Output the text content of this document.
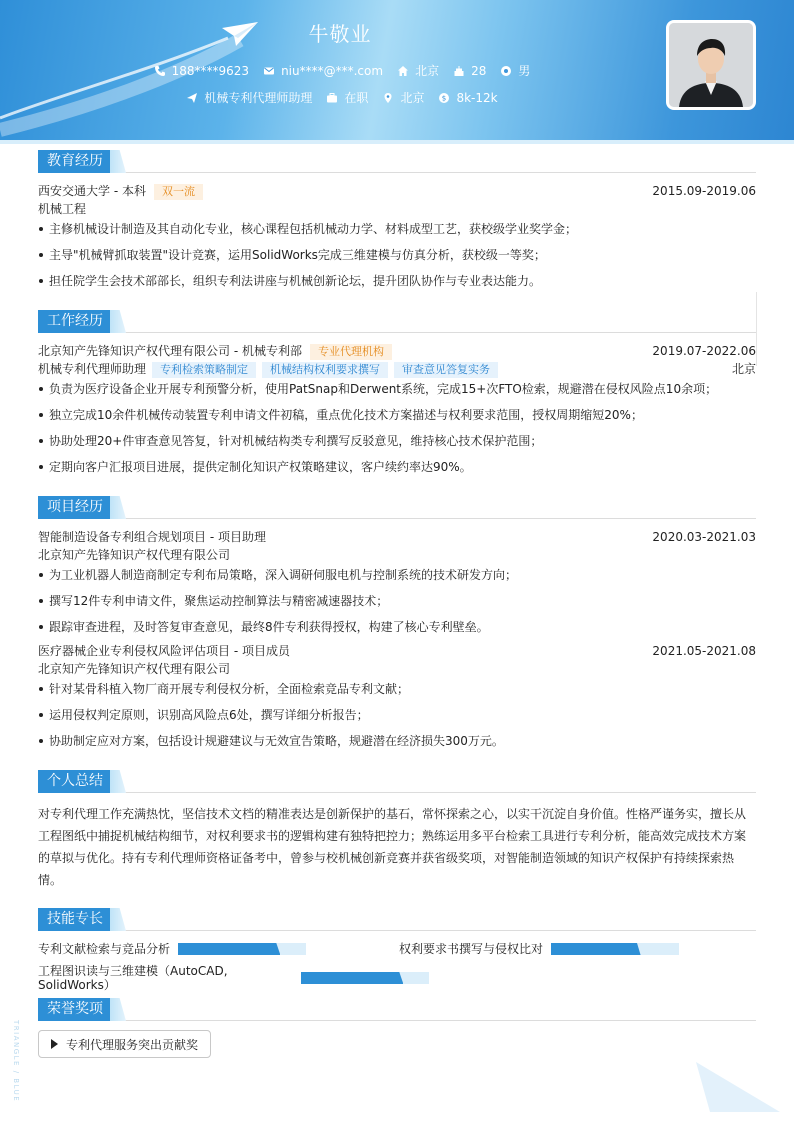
牛敬业
188****9623	niu****@***.com	北京	28	男
机械专利代理师助理	在职	北京	$ 8k-12k
教育经历
西安交通大学 - 本科 双一流	2015.09-2019.06
机械工程
主修机械设计制造及其自动化专业，核心课程包括机械动力学、材料成型工艺，获校级学业奖学金；
主导"机械臂抓取装置"设计竞赛，运用SolidWorks完成三维建模与仿真分析，获校级一等奖；
担任院学生会技术部部长，组织专利法讲座与机械创新论坛，提升团队协作与专业表达能力。
工作经历
北京知产先锋知识产权代理有限公司 - 机械专利部 专业代理机构	2019.07-2022.06
机械专利代理师助理 专利检索策略制定 机械结构权利要求撰写 审查意见答复实务	北京
负责为医疗设备企业开展专利预警分析，使用PatSnap和Derwent系统，完成15+次FTO检索，规避潜在侵权风险点10余项；
独立完成10余件机械传动装置专利申请文件初稿，重点优化技术方案描述与权利要求范围，授权周期缩短20%；
协助处理20+件审查意见答复，针对机械结构类专利撰写反驳意见，维持核心技术保护范围；
定期向客户汇报项目进展，提供定制化知识产权策略建议，客户续约率达90%。
项目经历
智能制造设备专利组合规划项目 - 项目助理	2020.03-2021.03
北京知产先锋知识产权代理有限公司
为工业机器人制造商制定专利布局策略，深入调研伺服电机与控制系统的技术研发方向；
撰写12件专利申请文件，聚焦运动控制算法与精密减速器技术；
跟踪审查进程，及时答复审查意见，最终8件专利获得授权，构建了核心专利壁垒。
医疗器械企业专利侵权风险评估项目 - 项目成员	2021.05-2021.08
北京知产先锋知识产权代理有限公司
针对某骨科植入物厂商开展专利侵权分析，全面检索竞品专利文献；
运用侵权判定原则，识别高风险点6处，撰写详细分析报告；
协助制定应对方案，包括设计规避建议与无效宣告策略，规避潜在经济损失300万元。
个人总结
对专利代理工作充满热忱，坚信技术文档的精准表达是创新保护的基石，常怀探索之心，以实干沉淀自身价值。性格严谨务实，擅长从工程图纸中捕捉机械结构细节，对权利要求书的逻辑构建有独特把控力；熟练运用多平台检索工具进行专利分析，能高效完成技术方案的草拟与优化。持有专利代理师资格证备考中，曾参与校机械创新竞赛并获省级奖项，对智能制造领域的知识产权保护有持续探索热情。
技能专长
专利文献检索与竞品分析	权利要求书撰写与侵权比对
工程图识读与三维建模（AutoCAD, SolidWorks）
荣誉奖项
专利代理服务突出贡献奖
TRIANGLE / BLUE
